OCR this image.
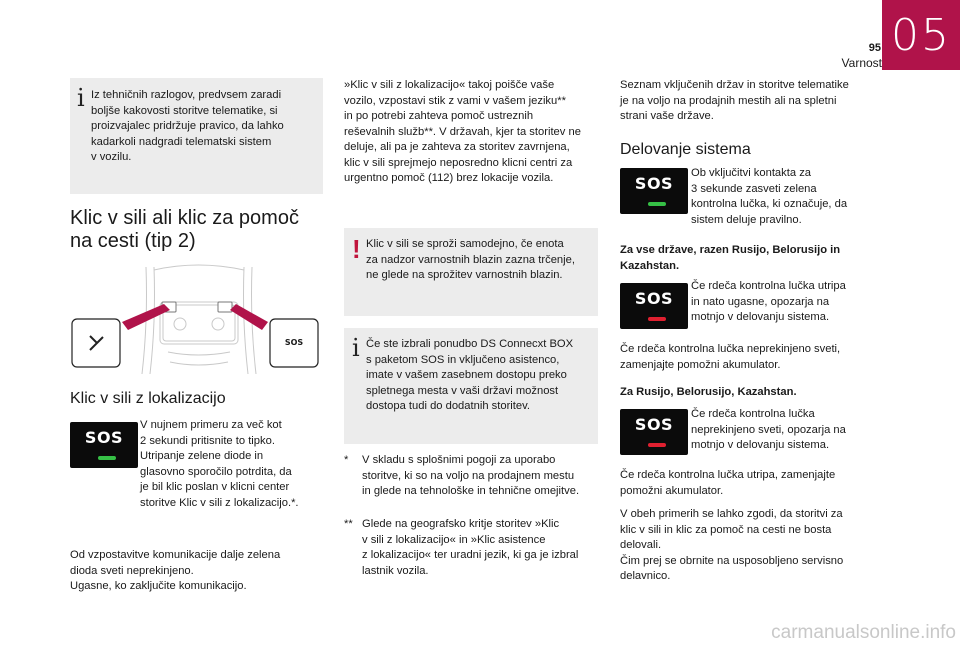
05
95
Varnost
i Iz tehničnih razlogov, predvsem zaradi
boljše kakovosti storitve telematike, si
proizvajalec pridržuje pravico, da lahko
kadarkoli nadgradi telematski sistem
v vozilu.
Klic v sili ali klic za pomoč
na cesti (tip 2)
SOS
Klic v sili z lokalizacijo
SOS
V nujnem primeru za več kot
2 sekundi pritisnite to tipko.
Utripanje zelene diode in
glasovno sporočilo potrdita, da
je bil klic poslan v klicni center
storitve Klic v sili z lokalizacijo.*.
Od vzpostavitve komunikacije dalje zelena
dioda sveti neprekinjeno.
Ugasne, ko zaključite komunikacijo.
»Klic v sili z lokalizacijo« takoj poišče vaše
vozilo, vzpostavi stik z vami v vašem jeziku**
in po potrebi zahteva pomoč ustreznih
reševalnih služb**. V državah, kjer ta storitev ne
deluje, ali pa je zahteva za storitev zavrnjena,
klic v sili sprejmejo neposredno klicni centri za
urgentno pomoč (112) brez lokacije vozila.
! Klic v sili se sproži samodejno, če enota
za nadzor varnostnih blazin zazna trčenje,
ne glede na sprožitev varnostnih blazin.
i Če ste izbrali ponudbo DS Connecxt BOX
s paketom SOS in vključeno asistenco,
imate v vašem zasebnem dostopu preko
spletnega mesta v vaši državi možnost
dostopa tudi do dodatnih storitev.
* V skladu s splošnimi pogoji za uporabo
storitve, ki so na voljo na prodajnem mestu
in glede na tehnološke in tehnične omejitve.
** Glede na geografsko kritje storitev »Klic
v sili z lokalizacijo« in »Klic asistence
z lokalizacijo« ter uradni jezik, ki ga je izbral
lastnik vozila.
Seznam vključenih držav in storitve telematike
je na voljo na prodajnih mestih ali na spletni
strani vaše države.
Delovanje sistema
SOS
Ob vključitvi kontakta za
3 sekunde zasveti zelena
kontrolna lučka, ki označuje, da
sistem deluje pravilno.
Za vse države, razen Rusijo, Belorusijo in
Kazahstan.
SOS
Če rdeča kontrolna lučka utripa
in nato ugasne, opozarja na
motnjo v delovanju sistema.
Če rdeča kontrolna lučka neprekinjeno sveti,
zamenjajte pomožni akumulator.
Za Rusijo, Belorusijo, Kazahstan.
SOS
Če rdeča kontrolna lučka
neprekinjeno sveti, opozarja na
motnjo v delovanju sistema.
Če rdeča kontrolna lučka utripa, zamenjajte
pomožni akumulator.
V obeh primerih se lahko zgodi, da storitvi za
klic v sili in klic za pomoč na cesti ne bosta
delovali.
Čim prej se obrnite na usposobljeno servisno
delavnico.
carmanualsonline.info
